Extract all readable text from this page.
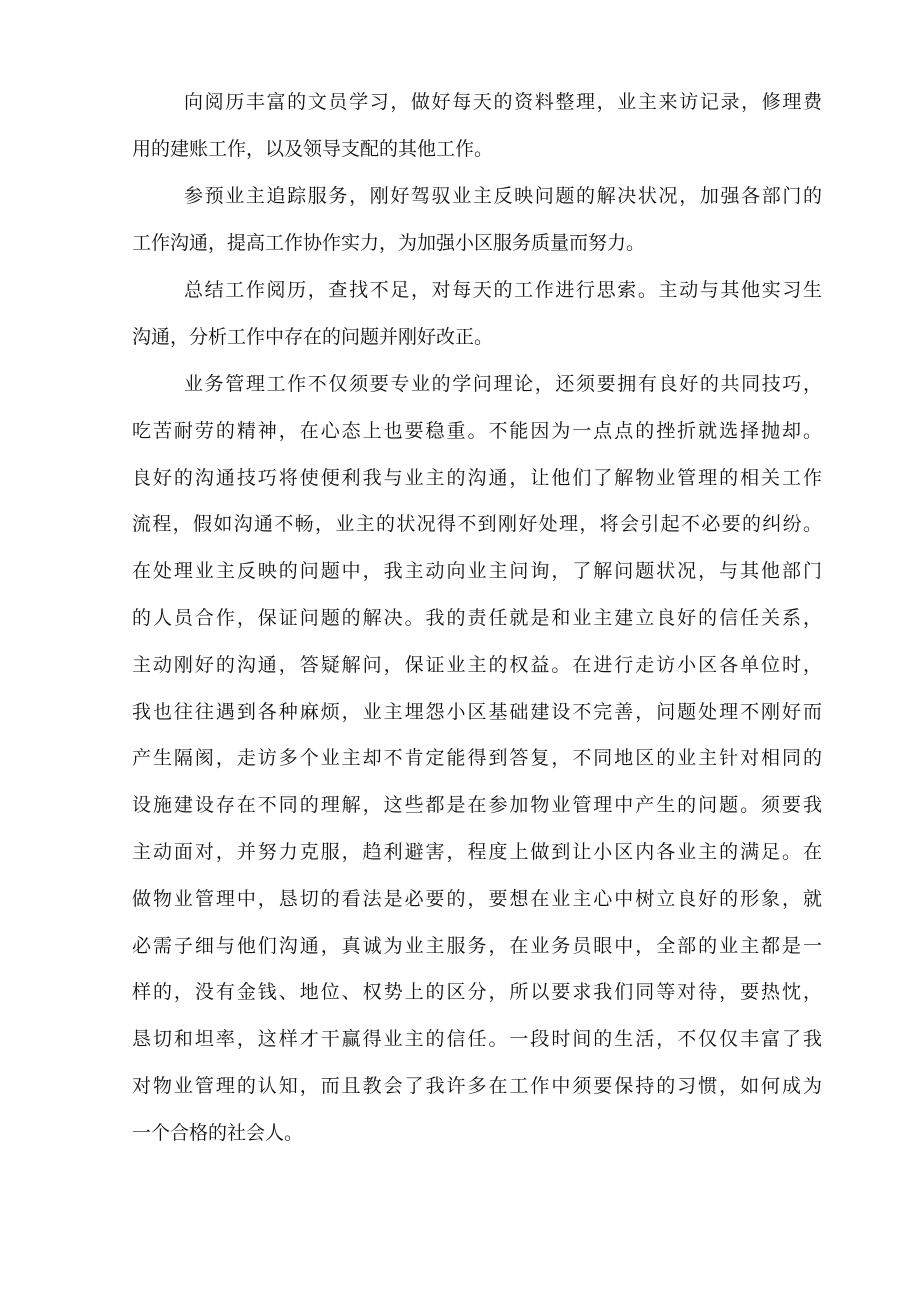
向阅历丰富的文员学习，做好每天的资料整理，业主来访记录，修理费
用的建账工作，以及领导支配的其他工作。

参预业主追踪服务，刚好驾驭业主反映问题的解决状况，加强各部门的
工作沟通，提高工作协作实力，为加强小区服务质量而努力。

总结工作阅历，查找不足，对每天的工作进行思索。主动与其他实习生
沟通，分析工作中存在的问题并刚好改正。

业务管理工作不仅须要专业的学问理论，还须要拥有良好的共同技巧，
吃苦耐劳的精神，在心态上也要稳重。不能因为一点点的挫折就选择抛却。
良好的沟通技巧将使便利我与业主的沟通，让他们了解物业管理的相关工作
流程，假如沟通不畅，业主的状况得不到刚好处理，将会引起不必要的纠纷。
在处理业主反映的问题中，我主动向业主问询，了解问题状况，与其他部门
的人员合作，保证问题的解决。我的责任就是和业主建立良好的信任关系，
主动刚好的沟通，答疑解问，保证业主的权益。在进行走访小区各单位时，
我也往往遇到各种麻烦，业主埋怨小区基础建设不完善，问题处理不刚好而
产生隔阂，走访多个业主却不肯定能得到答复，不同地区的业主针对相同的
设施建设存在不同的理解，这些都是在参加物业管理中产生的问题。须要我
主动面对，并努力克服，趋利避害，程度上做到让小区内各业主的满足。在
做物业管理中，恳切的看法是必要的，要想在业主心中树立良好的形象，就
必需子细与他们沟通，真诚为业主服务，在业务员眼中，全部的业主都是一
样的，没有金钱、地位、权势上的区分，所以要求我们同等对待，要热忱，
恳切和坦率，这样才干赢得业主的信任。一段时间的生活，不仅仅丰富了我
对物业管理的认知，而且教会了我许多在工作中须要保持的习惯，如何成为
一个合格的社会人。
